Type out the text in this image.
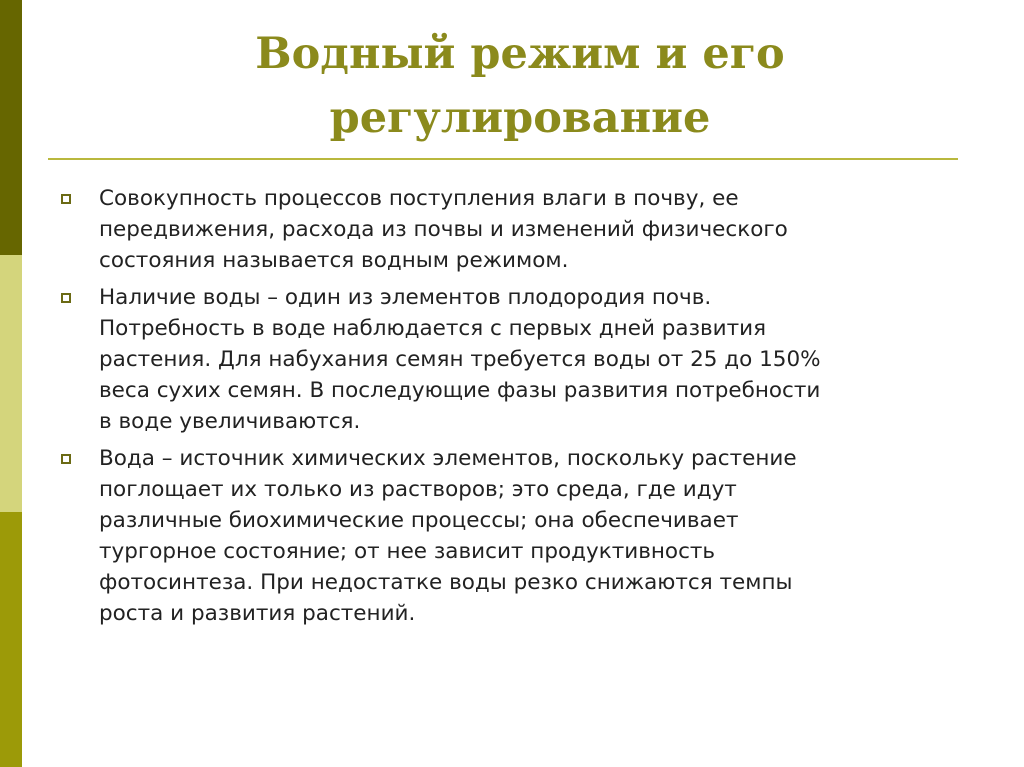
Водный режим и его
регулирование
Совокупность процессов поступления влаги в почву, ее
передвижения, расхода из почвы и изменений физического
состояния называется водным режимом.
Наличие воды – один из элементов плодородия почв.
Потребность в воде наблюдается с первых дней развития
растения. Для набухания семян требуется воды от 25 до 150%
веса сухих семян. В последующие фазы развития потребности
в воде увеличиваются.
Вода – источник химических элементов, поскольку растение
поглощает их только из растворов; это среда, где идут
различные биохимические процессы; она обеспечивает
тургорное состояние; от нее зависит продуктивность
фотосинтеза. При недостатке воды резко снижаются темпы
роста и развития растений.
